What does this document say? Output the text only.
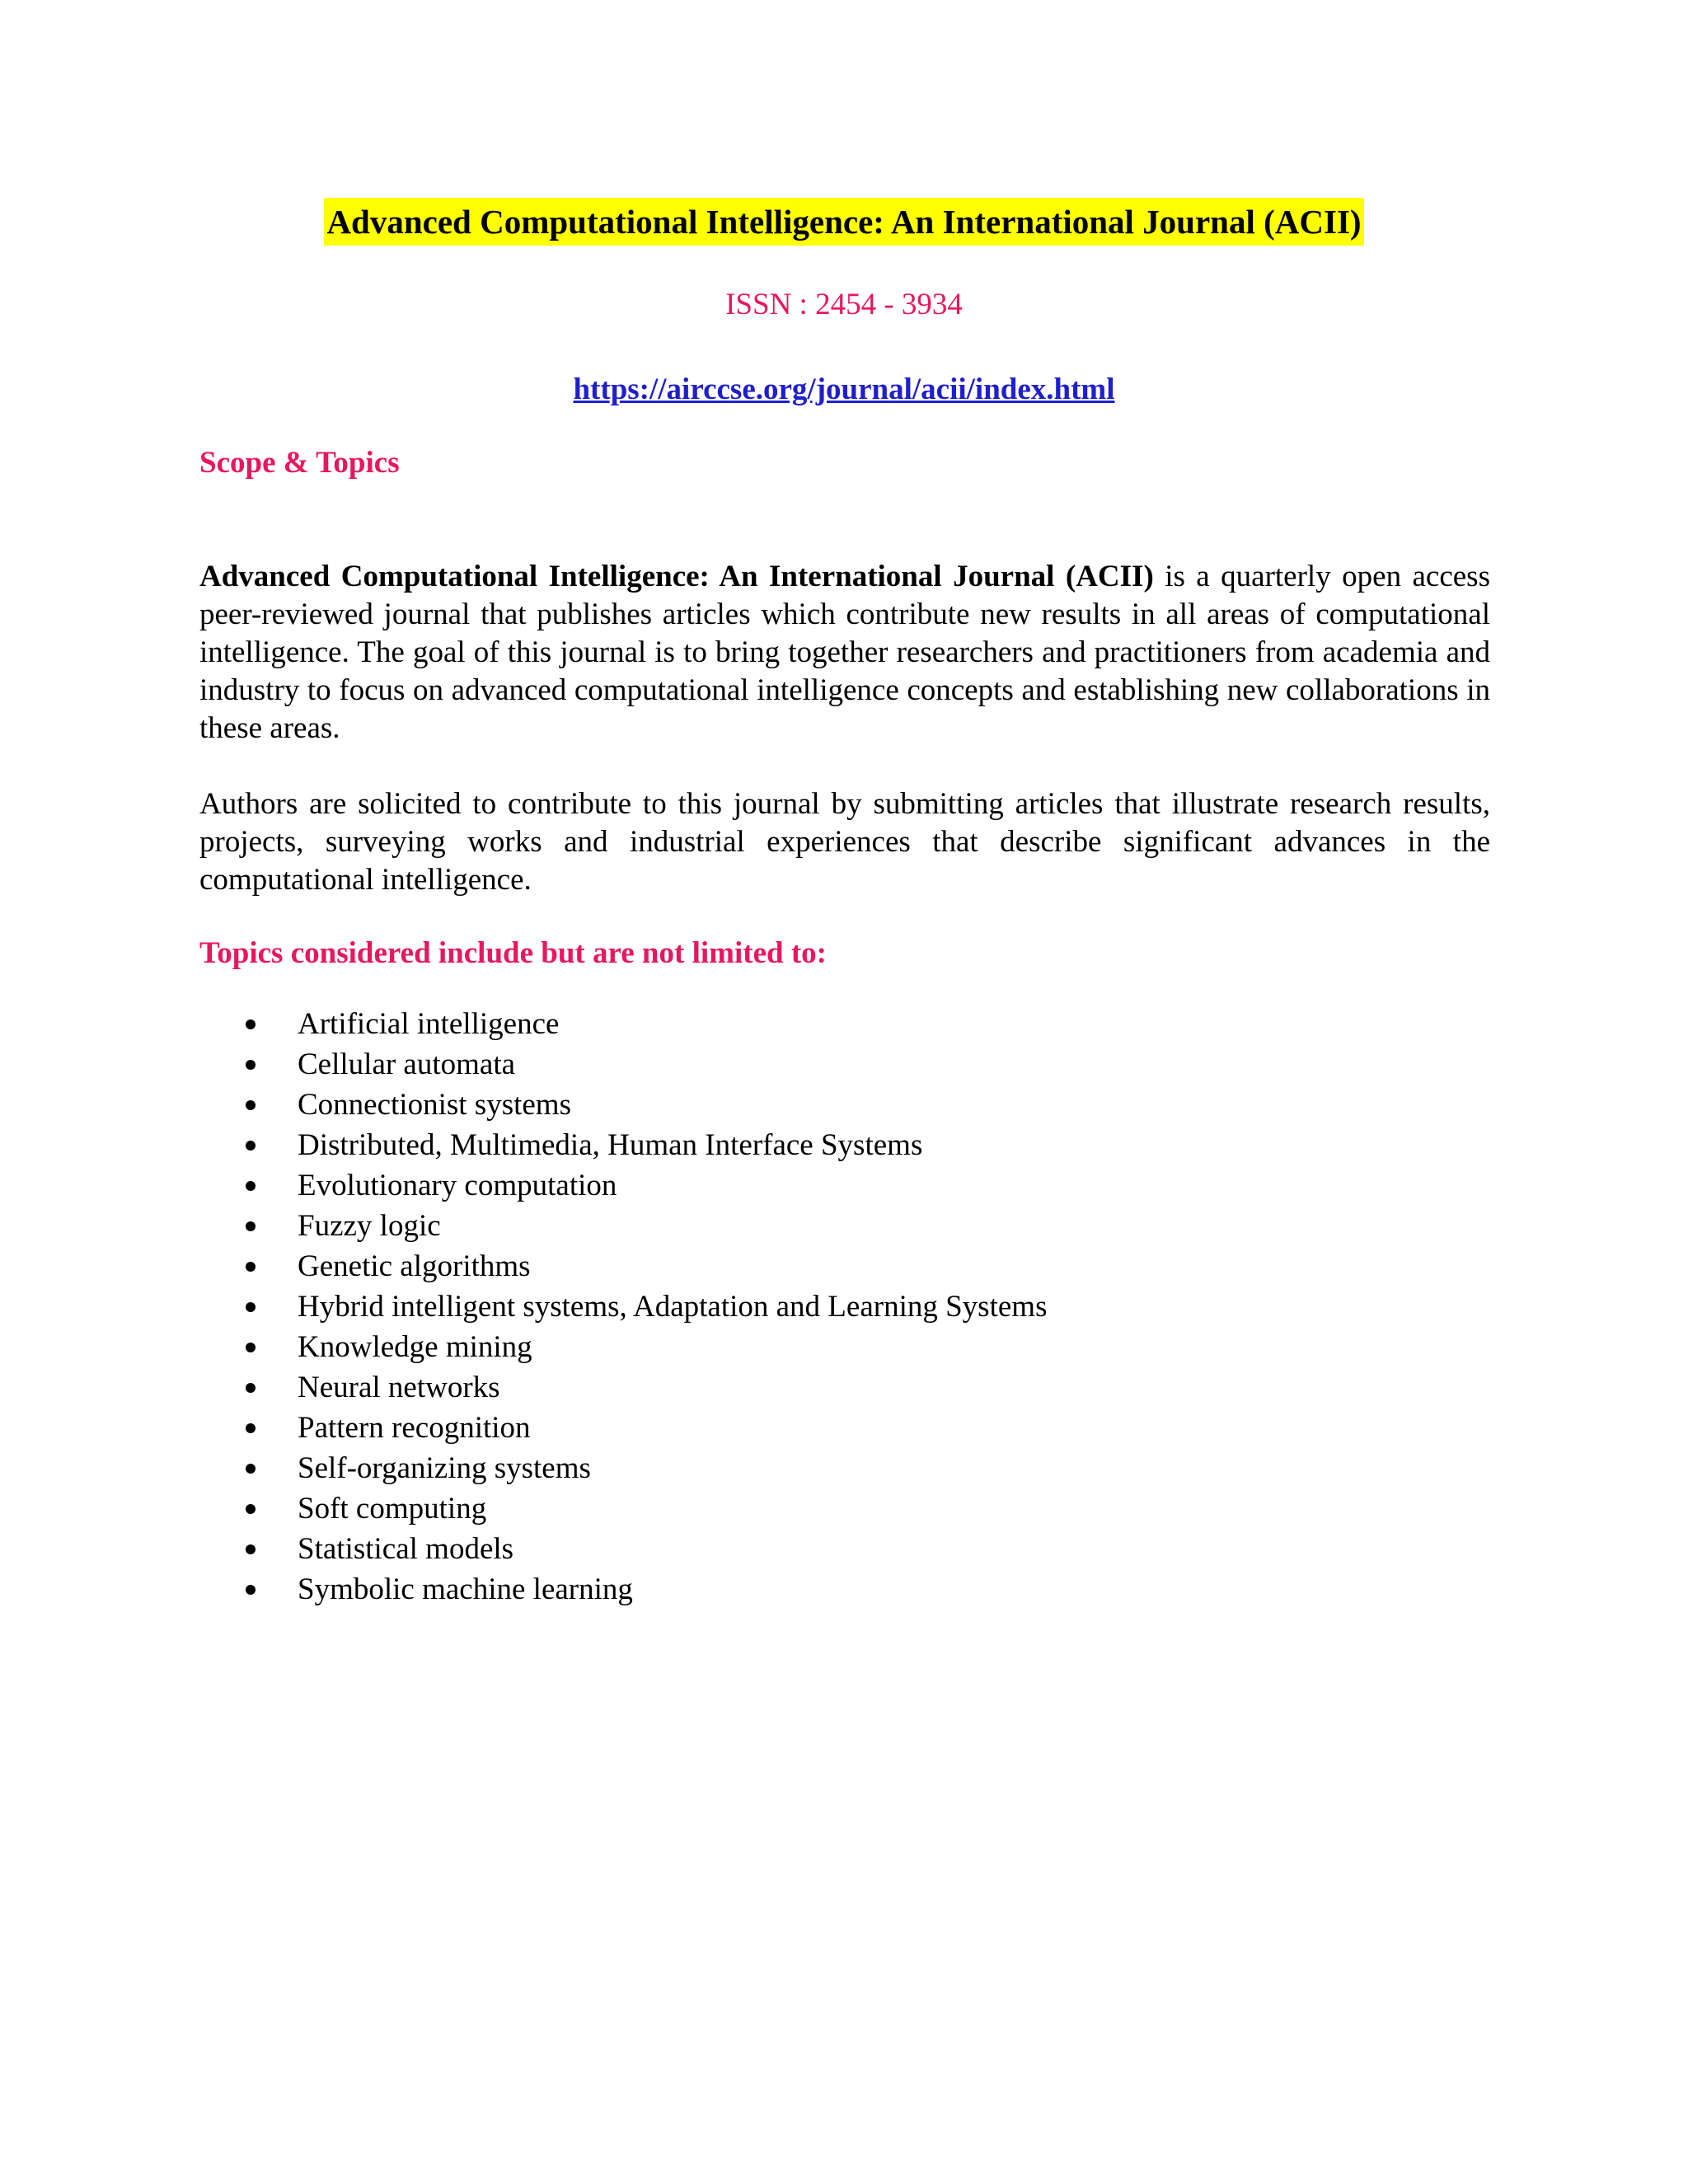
Advanced Computational Intelligence: An International Journal (ACII)
ISSN : 2454 - 3934
https://airccse.org/journal/acii/index.html
Scope & Topics

Advanced Computational Intelligence: An International Journal (ACII) is a quarterly open access peer-reviewed journal that publishes articles which contribute new results in all areas of computational intelligence. The goal of this journal is to bring together researchers and practitioners from academia and industry to focus on advanced computational intelligence concepts and establishing new collaborations in these areas.

Authors are solicited to contribute to this journal by submitting articles that illustrate research results, projects, surveying works and industrial experiences that describe significant advances in the computational intelligence.

Topics considered include but are not limited to:
Artificial intelligence
Cellular automata
Connectionist systems
Distributed, Multimedia, Human Interface Systems
Evolutionary computation
Fuzzy logic
Genetic algorithms
Hybrid intelligent systems, Adaptation and Learning Systems
Knowledge mining
Neural networks
Pattern recognition
Self-organizing systems
Soft computing
Statistical models
Symbolic machine learning
